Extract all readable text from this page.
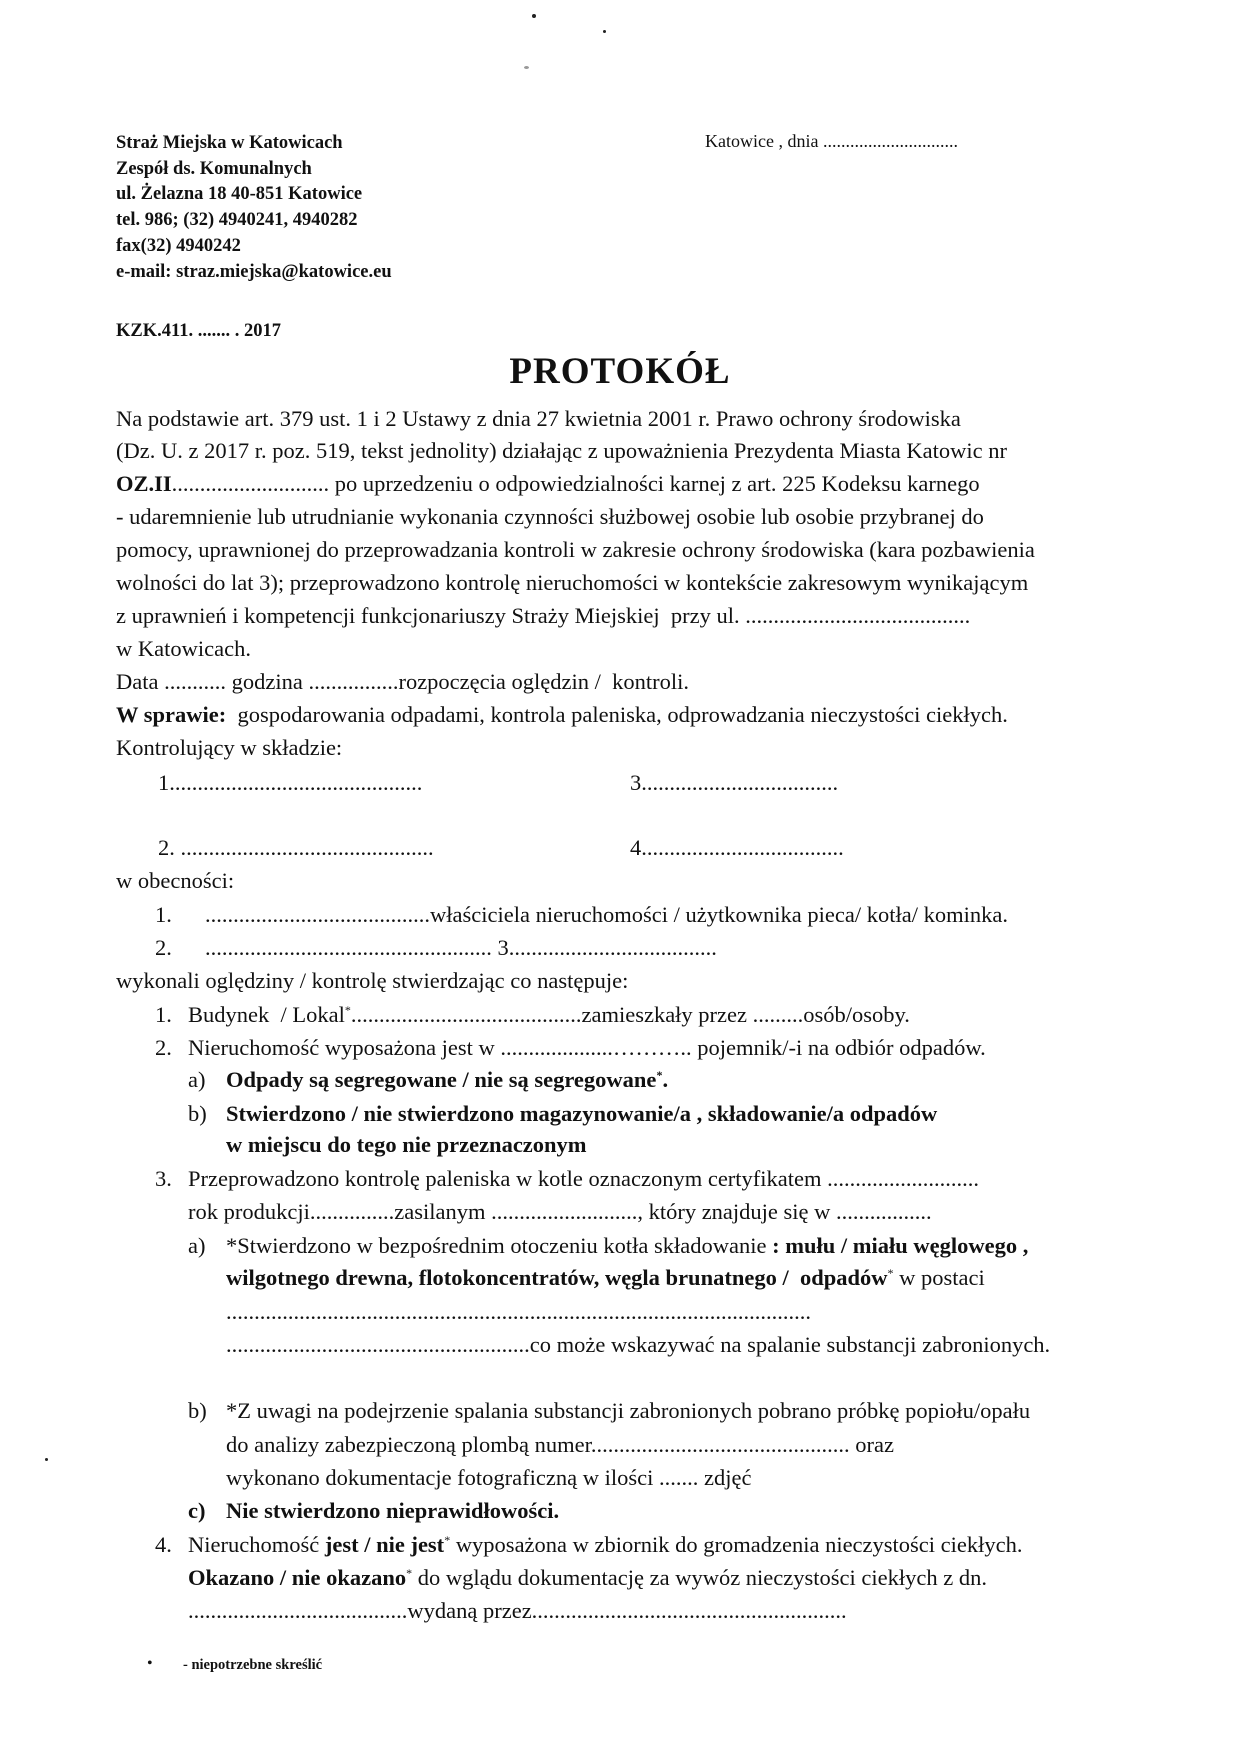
Straż Miejska w Katowicach
Zespół ds. Komunalnych
ul. Żelazna 18 40-851 Katowice
tel. 986; (32) 4940241, 4940282
fax(32) 4940242
e-mail: straz.miejska@katowice.eu
Katowice , dnia ..............................
KZK.411. ....... . 2017
PROTOKÓŁ
Na podstawie art. 379 ust. 1 i 2 Ustawy z dnia 27 kwietnia 2001 r. Prawo ochrony środowiska
(Dz. U. z 2017 r. poz. 519, tekst jednolity) działając z upoważnienia Prezydenta Miasta Katowic nr
OZ.II............................ po uprzedzeniu o odpowiedzialności karnej z art. 225 Kodeksu karnego
- udaremnienie lub utrudnianie wykonania czynności służbowej osobie lub osobie przybranej do
pomocy, uprawnionej do przeprowadzania kontroli w zakresie ochrony środowiska (kara pozbawienia
wolności do lat 3); przeprowadzono kontrolę nieruchomości w kontekście zakresowym wynikającym
z uprawnień i kompetencji funkcjonariuszy Straży Miejskiej  przy ul. ........................................
w Katowicach.
Data ........... godzina ................rozpoczęcia oględzin /  kontroli.
W sprawie: gospodarowania odpadami, kontrola paleniska, odprowadzania nieczystości ciekłych.
Kontrolujący w składzie:
1.............................................	3...................................
2. .............................................	4....................................
w obecności:
1. ........................................właściciela nieruchomości / użytkownika pieca/ kotła/ kominka.
2. ................................................... 3.....................................
wykonali oględziny / kontrolę stwierdzając co następuje:
1. Budynek  / Lokal*.........................................zamieszkały przez .........osób/osoby.
2. Nieruchomość wyposażona jest w ....................……….. pojemnik/-i na odbiór odpadów.
a) Odpady są segregowane / nie są segregowane*.
b) Stwierdzono / nie stwierdzono magazynowanie/a , składowanie/a odpadów
w miejscu do tego nie przeznaczonym
3. Przeprowadzono kontrolę paleniska w kotle oznaczonym certyfikatem ...........................
rok produkcji...............zasilanym .........................., który znajduje się w .................
a) *Stwierdzono w bezpośrednim otoczeniu kotła składowanie : mułu / miału węglowego ,
wilgotnego drewna, flotokoncentratów, węgla brunatnego /  odpadów* w postaci
........................................................................................................
......................................................co może wskazywać na spalanie substancji zabronionych.
b) *Z uwagi na podejrzenie spalania substancji zabronionych pobrano próbkę popiołu/opału
do analizy zabezpieczoną plombą numer.............................................. oraz
wykonano dokumentacje fotograficzną w ilości ....... zdjęć
c) Nie stwierdzono nieprawidłowości.
4. Nieruchomość jest / nie jest* wyposażona w zbiornik do gromadzenia nieczystości ciekłych.
Okazano / nie okazano* do wglądu dokumentację za wywóz nieczystości ciekłych z dn.
.......................................wydaną przez........................................................
• - niepotrzebne skreślić
